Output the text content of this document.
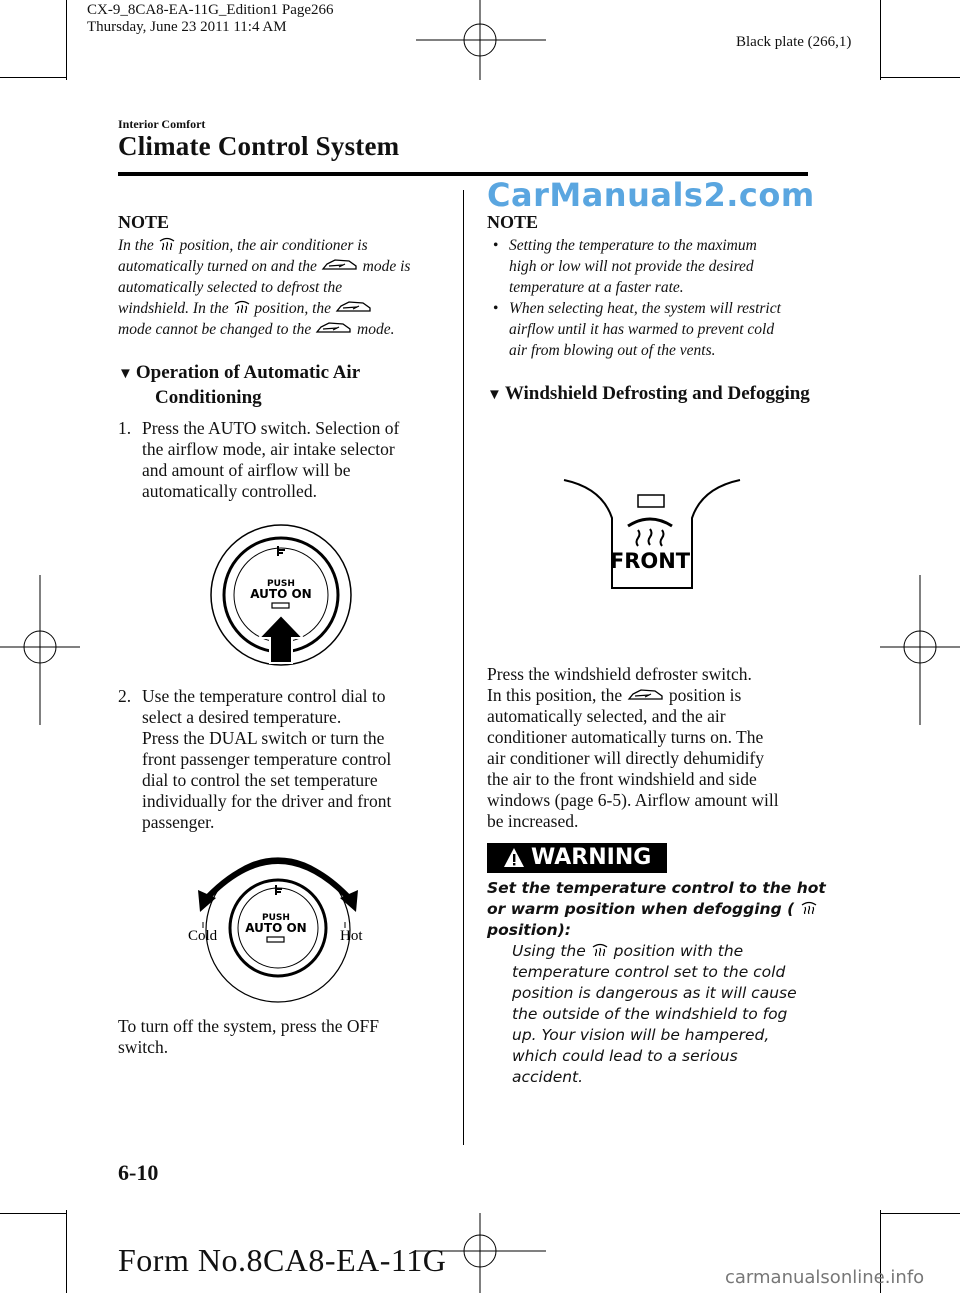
CX-9_8CA8-EA-11G_Edition1 Page266
Thursday, June 23 2011 11:4 AM
Black plate (266,1)
Interior Comfort
Climate Control System
CarManuals2.com
NOTE
In the position, the air conditioner is
automatically turned on and the	mode is
automatically selected to defrost the
windshield. In the position, the
mode cannot be changed to the	mode.
▼ Operation of Automatic Air
Conditioning
1. Press the AUTO switch. Selection of
the airflow mode, air intake selector
and amount of airflow will be
automatically controlled.
PUSH
AUTO ON
2. Use the temperature control dial to
select a desired temperature.
Press the DUAL switch or turn the
front passenger temperature control
dial to control the set temperature
individually for the driver and front
passenger.
PUSH
AUTO ON
Cold	Hot
To turn off the system, press the OFF
switch.
NOTE
• Setting the temperature to the maximum
high or low will not provide the desired
temperature at a faster rate.
• When selecting heat, the system will restrict
airflow until it has warmed to prevent cold
air from blowing out of the vents.
▼ Windshield Defrosting and Defogging
FRONT
Press the windshield defroster switch.
In this position, the	position is
automatically selected, and the air
conditioner automatically turns on. The
air conditioner will directly dehumidify
the air to the front windshield and side
windows (page 6-5). Airflow amount will
be increased.
WARNING
Set the temperature control to the hot
or warm position when defogging (
position):
Using the position with the
temperature control set to the cold
position is dangerous as it will cause
the outside of the windshield to fog
up. Your vision will be hampered,
which could lead to a serious
accident.
6-10
Form No.8CA8-EA-11G	carmanualsonline.info
